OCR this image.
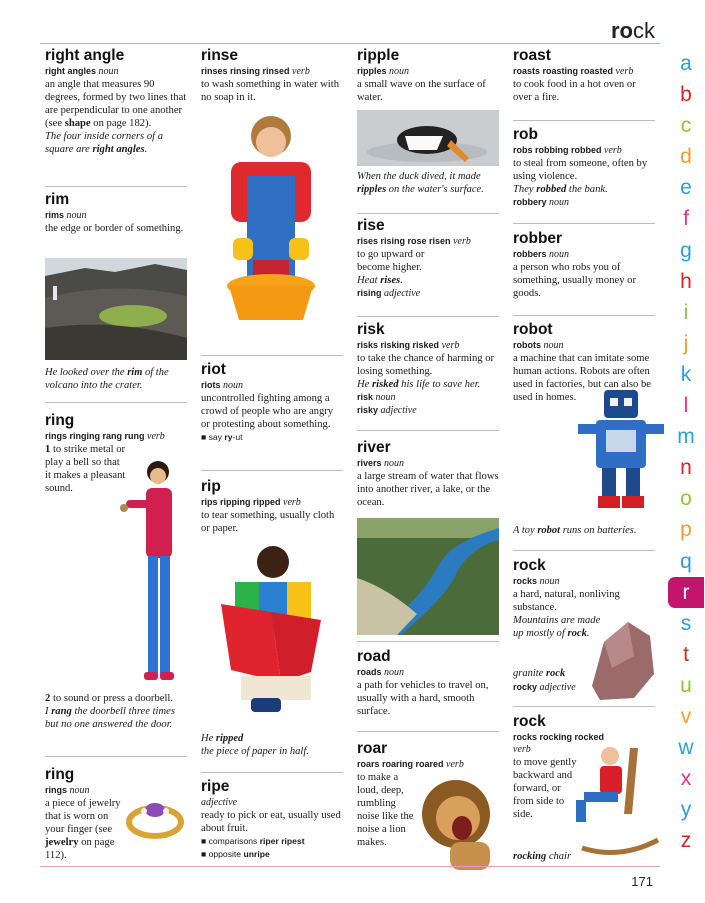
rock
right angle
right angles noun
an angle that measures 90 degrees, formed by two lines that are perpendicular to one another (see shape on page 182).
The four inside corners of a square are right angles.
rim
rims noun
the edge or border of something.
He looked over the rim of the volcano into the crater.
ring
rings ringing rang rung verb
1 to strike metal or play a bell so that it makes a pleasant sound.
2 to sound or press a doorbell.
I rang the doorbell three times but no one answered the door.
ring
rings noun
a piece of jewelry that is worn on your finger (see jewelry on page 112).
rinse
rinses rinsing rinsed verb
to wash something in water with no soap in it.
riot
riots noun
uncontrolled fighting among a crowd of people who are angry or protesting about something.
■ say ry-ut
rip
rips ripping ripped verb
to tear something, usually cloth or paper.
He ripped
the piece of paper in half.
ripe
adjective
ready to pick or eat, usually used about fruit.
■ comparisons riper ripest
■ opposite unripe
ripple
ripples noun
a small wave on the surface of water.
When the duck dived, it made ripples on the water's surface.
rise
rises rising rose risen verb
to go upward or become higher.
Heat rises.
rising adjective
risk
risks risking risked verb
to take the chance of harming or losing something.
He risked his life to save her.
risk noun
risky adjective
river
rivers noun
a large stream of water that flows into another river, a lake, or the ocean.
road
roads noun
a path for vehicles to travel on, usually with a hard, smooth surface.
roar
roars roaring roared verb
to make a loud, deep, rumbling noise like the noise a lion makes.
roast
roasts roasting roasted verb
to cook food in a hot oven or over a fire.
rob
robs robbing robbed verb
to steal from someone, often by using violence.
They robbed the bank.
robbery noun
robber
robbers noun
a person who robs you of something, usually money or goods.
robot
robots noun
a machine that can imitate some human actions. Robots are often used in factories, but can also be used in homes.
A toy robot runs on batteries.
rock
rocks noun
a hard, natural, nonliving substance.
Mountains are made up mostly of rock.
granite rock
rocky adjective
rock
rocks rocking rocked
verb
to move gently backward and forward, or from side to side.
rocking chair
a
b
c
d
e
f
g
h
i
j
k
l
m
n
o
p
q
r
s
t
u
v
w
x
y
z
171
